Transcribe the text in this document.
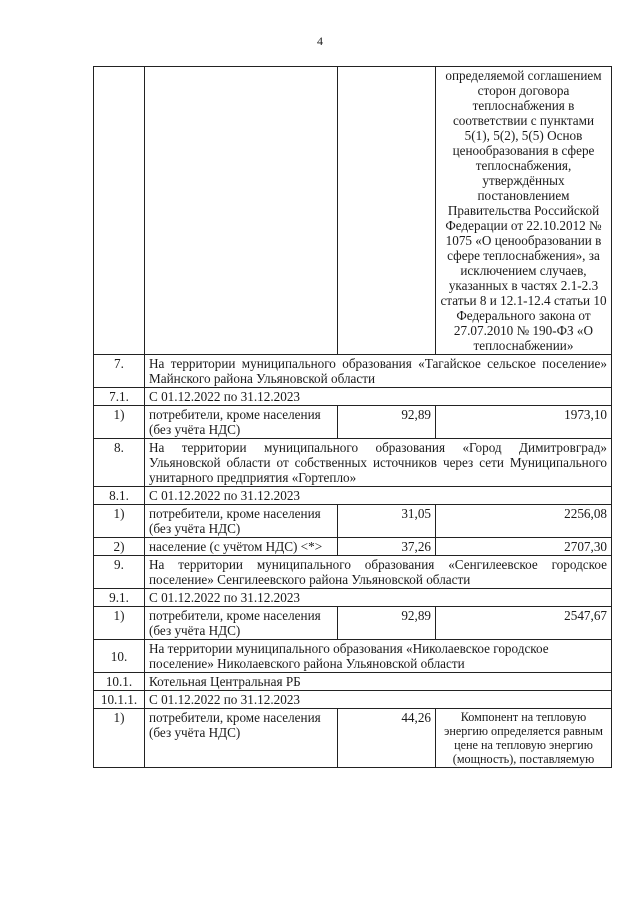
4
			определяемой соглашением сторон договора теплоснабжения в соответствии с пунктами 5(1), 5(2), 5(5) Основ ценообразования в сфере теплоснабжения, утверждённых постановлением Правительства Российской Федерации от 22.10.2012 № 1075 «О ценообразовании в сфере теплоснабжения», за исключением случаев, указанных в частях 2.1-2.3 статьи 8 и 12.1-12.4 статьи 10 Федерального закона от 27.07.2010 № 190-ФЗ «О теплоснабжении»
7.	На территории муниципального образования «Тагайское сельское поселение» Майнского района Ульяновской области		
7.1.	С 01.12.2022 по 31.12.2023		
1)	потребители, кроме населения (без учёта НДС)	92,89	1973,10
8.	На территории муниципального образования «Город Димитровград» Ульяновской области от собственных источников через сети Муниципального унитарного предприятия «Гортепло»		
8.1.	С 01.12.2022 по 31.12.2023		
1)	потребители, кроме населения (без учёта НДС)	31,05	2256,08
2)	население (с учётом НДС) <*>	37,26	2707,30
9.	На территории муниципального образования «Сенгилеевское городское поселение» Сенгилеевского района Ульяновской области		
9.1.	С 01.12.2022 по 31.12.2023		
1)	потребители, кроме населения (без учёта НДС)	92,89	2547,67
10.	На территории муниципального образования «Николаевское городское поселение» Николаевского района Ульяновской области		
10.1.	Котельная Центральная РБ		
10.1.1.	С 01.12.2022 по 31.12.2023		
1)	потребители, кроме населения (без учёта НДС)	44,26	Компонент на тепловую энергию определяется равным цене на тепловую энергию (мощность), поставляемую
